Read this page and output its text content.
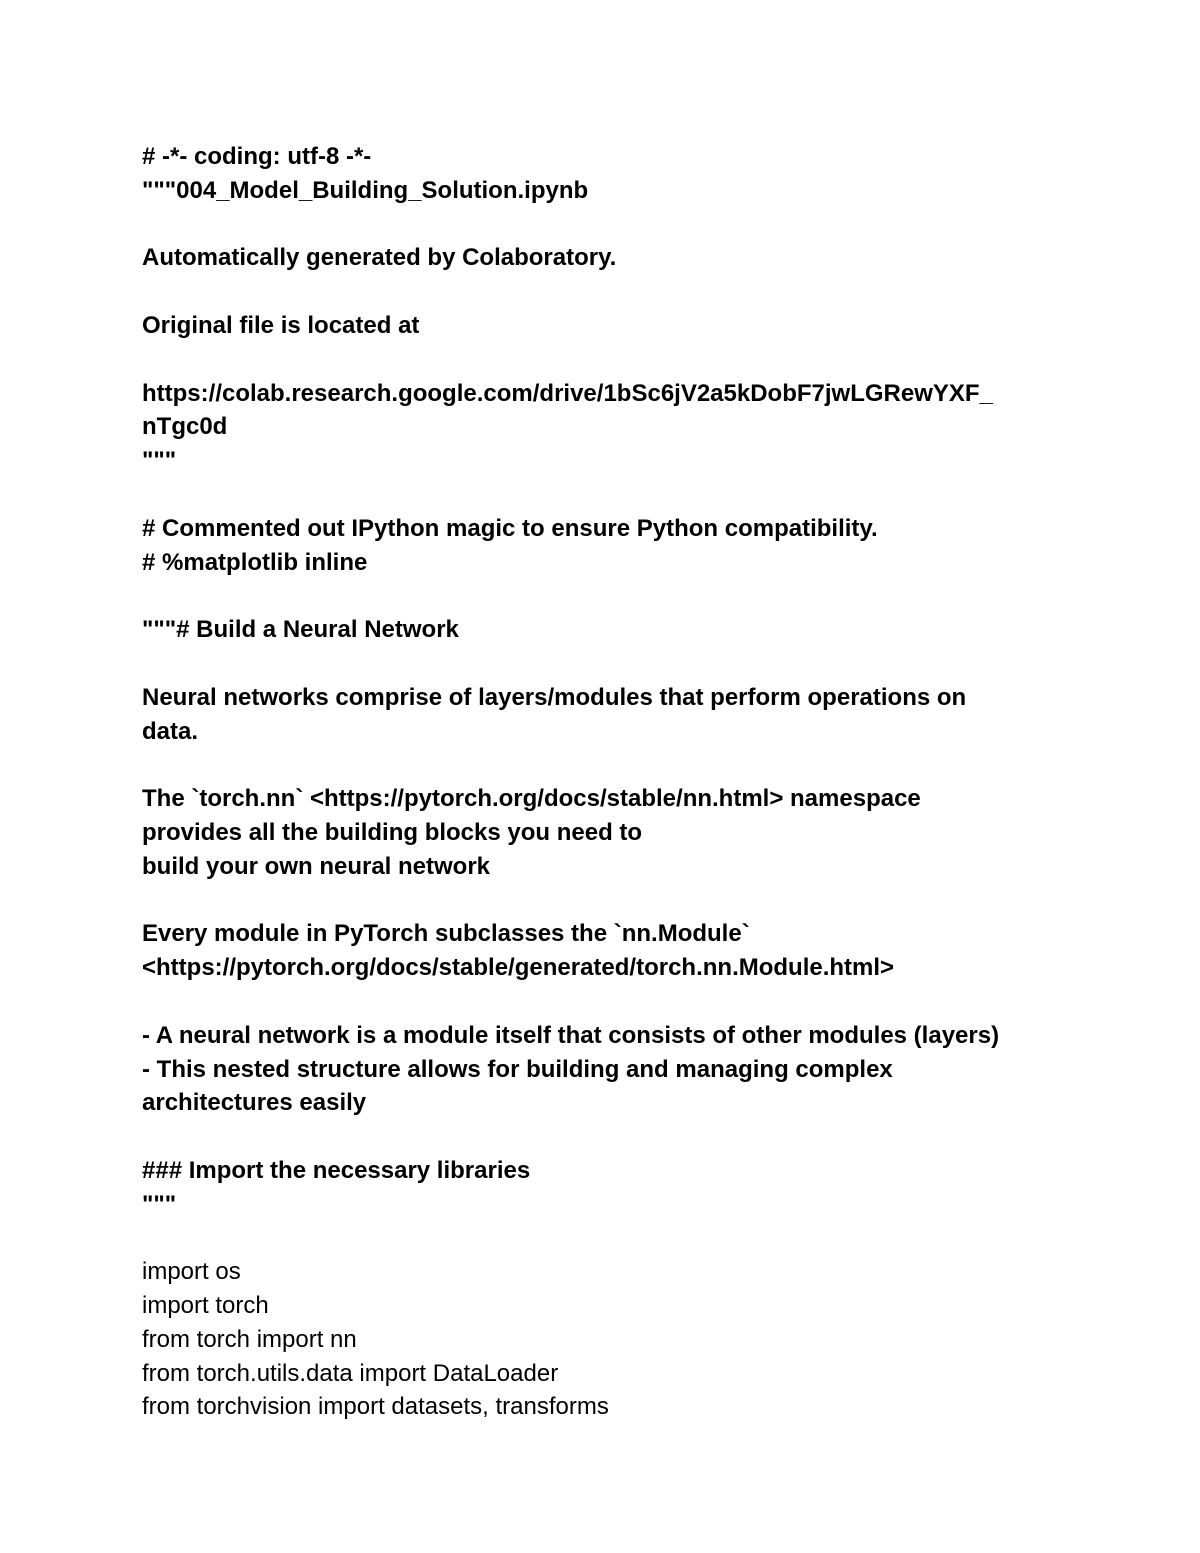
# -*- coding: utf-8 -*-
"""004_Model_Building_Solution.ipynb
Automatically generated by Colaboratory.
Original file is located at
https://colab.research.google.com/drive/1bSc6jV2a5kDobF7jwLGRewYXF_
nTgc0d
"""
# Commented out IPython magic to ensure Python compatibility.
# %matplotlib inline
"""# Build a Neural Network
Neural networks comprise of layers/modules that perform operations on
data.
The `torch.nn` <https://pytorch.org/docs/stable/nn.html> namespace
provides all the building blocks you need to
build your own neural network
Every module in PyTorch subclasses the `nn.Module`
<https://pytorch.org/docs/stable/generated/torch.nn.Module.html>
- A neural network is a module itself that consists of other modules (layers)
- This nested structure allows for building and managing complex
architectures easily
### Import the necessary libraries
"""
import os
import torch
from torch import nn
from torch.utils.data import DataLoader
from torchvision import datasets, transforms
